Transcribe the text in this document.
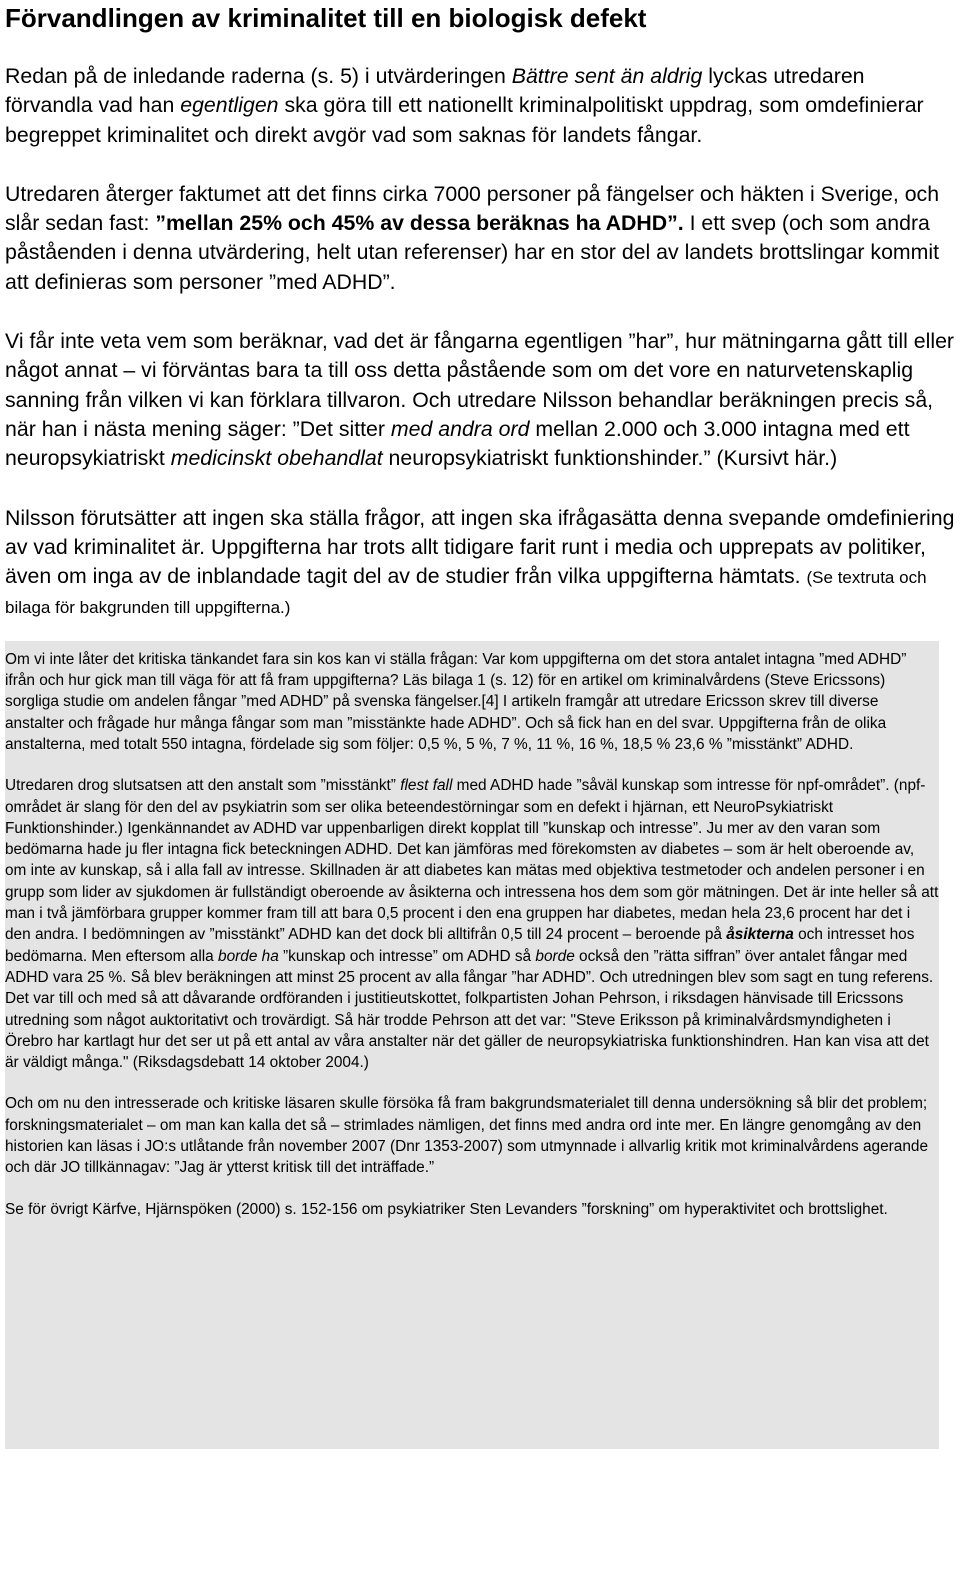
Förvandlingen av kriminalitet till en biologisk defekt

Redan på de inledande raderna (s. 5) i utvärderingen Bättre sent än aldrig lyckas utredaren förvandla vad han egentligen ska göra till ett nationellt kriminalpolitiskt uppdrag, som omdefinierar begreppet kriminalitet och direkt avgör vad som saknas för landets fångar.

Utredaren återger faktumet att det finns cirka 7000 personer på fängelser och häkten i Sverige, och slår sedan fast: ”mellan 25% och 45% av dessa beräknas ha ADHD”. I ett svep (och som andra påståenden i denna utvärdering, helt utan referenser) har en stor del av landets brottslingar kommit att definieras som personer ”med ADHD”.

Vi får inte veta vem som beräknar, vad det är fångarna egentligen ”har”, hur mätningarna gått till eller något annat – vi förväntas bara ta till oss detta påstående som om det vore en naturvetenskaplig sanning från vilken vi kan förklara tillvaron. Och utredare Nilsson behandlar beräkningen precis så, när han i nästa mening säger: ”Det sitter med andra ord mellan 2.000 och 3.000 intagna med ett neuropsykiatriskt medicinskt obehandlat neuropsykiatriskt funktionshinder.” (Kursivt här.)

Nilsson förutsätter att ingen ska ställa frågor, att ingen ska ifrågasätta denna svepande omdefiniering av vad kriminalitet är. Uppgifterna har trots allt tidigare farit runt i media och upprepats av politiker, även om inga av de inblandade tagit del av de studier från vilka uppgifterna hämtats. (Se textruta och bilaga för bakgrunden till uppgifterna.)

Om vi inte låter det kritiska tänkandet fara sin kos kan vi ställa frågan: Var kom uppgifterna om det stora antalet intagna ”med ADHD” ifrån och hur gick man till väga för att få fram uppgifterna? Läs bilaga 1 (s. 12) för en artikel om kriminalvårdens (Steve Ericssons) sorgliga studie om andelen fångar ”med ADHD” på svenska fängelser.[4] I artikeln framgår att utredare Ericsson skrev till diverse anstalter och frågade hur många fångar som man ”misstänkte hade ADHD”. Och så fick han en del svar. Uppgifterna från de olika anstalterna, med totalt 550 intagna, fördelade sig som följer: 0,5 %, 5 %, 7 %, 11 %, 16 %, 18,5 % 23,6 % ”misstänkt” ADHD.

Utredaren drog slutsatsen att den anstalt som ”misstänkt” flest fall med ADHD hade ”såväl kunskap som intresse för npf-området”. (npf-området är slang för den del av psykiatrin som ser olika beteendestörningar som en defekt i hjärnan, ett NeuroPsykiatriskt Funktionshinder.) Igenkännandet av ADHD var uppenbarligen direkt kopplat till ”kunskap och intresse”. Ju mer av den varan som bedömarna hade ju fler intagna fick beteckningen ADHD. Det kan jämföras med förekomsten av diabetes – som är helt oberoende av, om inte av kunskap, så i alla fall av intresse. Skillnaden är att diabetes kan mätas med objektiva testmetoder och andelen personer i en grupp som lider av sjukdomen är fullständigt oberoende av åsikterna och intressena hos dem som gör mätningen. Det är inte heller så att man i två jämförbara grupper kommer fram till att bara 0,5 procent i den ena gruppen har diabetes, medan hela 23,6 procent har det i den andra. I bedömningen av ”misstänkt” ADHD kan det dock bli alltifrån 0,5 till 24 procent – beroende på åsikterna och intresset hos bedömarna. Men eftersom alla borde ha ”kunskap och intresse” om ADHD så borde också den ”rätta siffran” över antalet fångar med ADHD vara 25 %. Så blev beräkningen att minst 25 procent av alla fångar ”har ADHD”. Och utredningen blev som sagt en tung referens. Det var till och med så att dåvarande ordföranden i justitieutskottet, folkpartisten Johan Pehrson, i riksdagen hänvisade till Ericssons utredning som något auktoritativt och trovärdigt. Så här trodde Pehrson att det var: "Steve Eriksson på kriminalvårdsmyndigheten i Örebro har kartlagt hur det ser ut på ett antal av våra anstalter när det gäller de neuropsykiatriska funktionshindren. Han kan visa att det är väldigt många." (Riksdagsdebatt 14 oktober 2004.)

Och om nu den intresserade och kritiske läsaren skulle försöka få fram bakgrundsmaterialet till denna undersökning så blir det problem; forskningsmaterialet – om man kan kalla det så – strimlades nämligen, det finns med andra ord inte mer. En längre genomgång av den historien kan läsas i JO:s utlåtande från november 2007 (Dnr 1353-2007) som utmynnade i allvarlig kritik mot kriminalvårdens agerande och där JO tillkännagav: ”Jag är ytterst kritisk till det inträffade.”

Se för övrigt Kärfve, Hjärnspöken (2000) s. 152-156 om psykiatriker Sten Levanders ”forskning” om hyperaktivitet och brottslighet.
